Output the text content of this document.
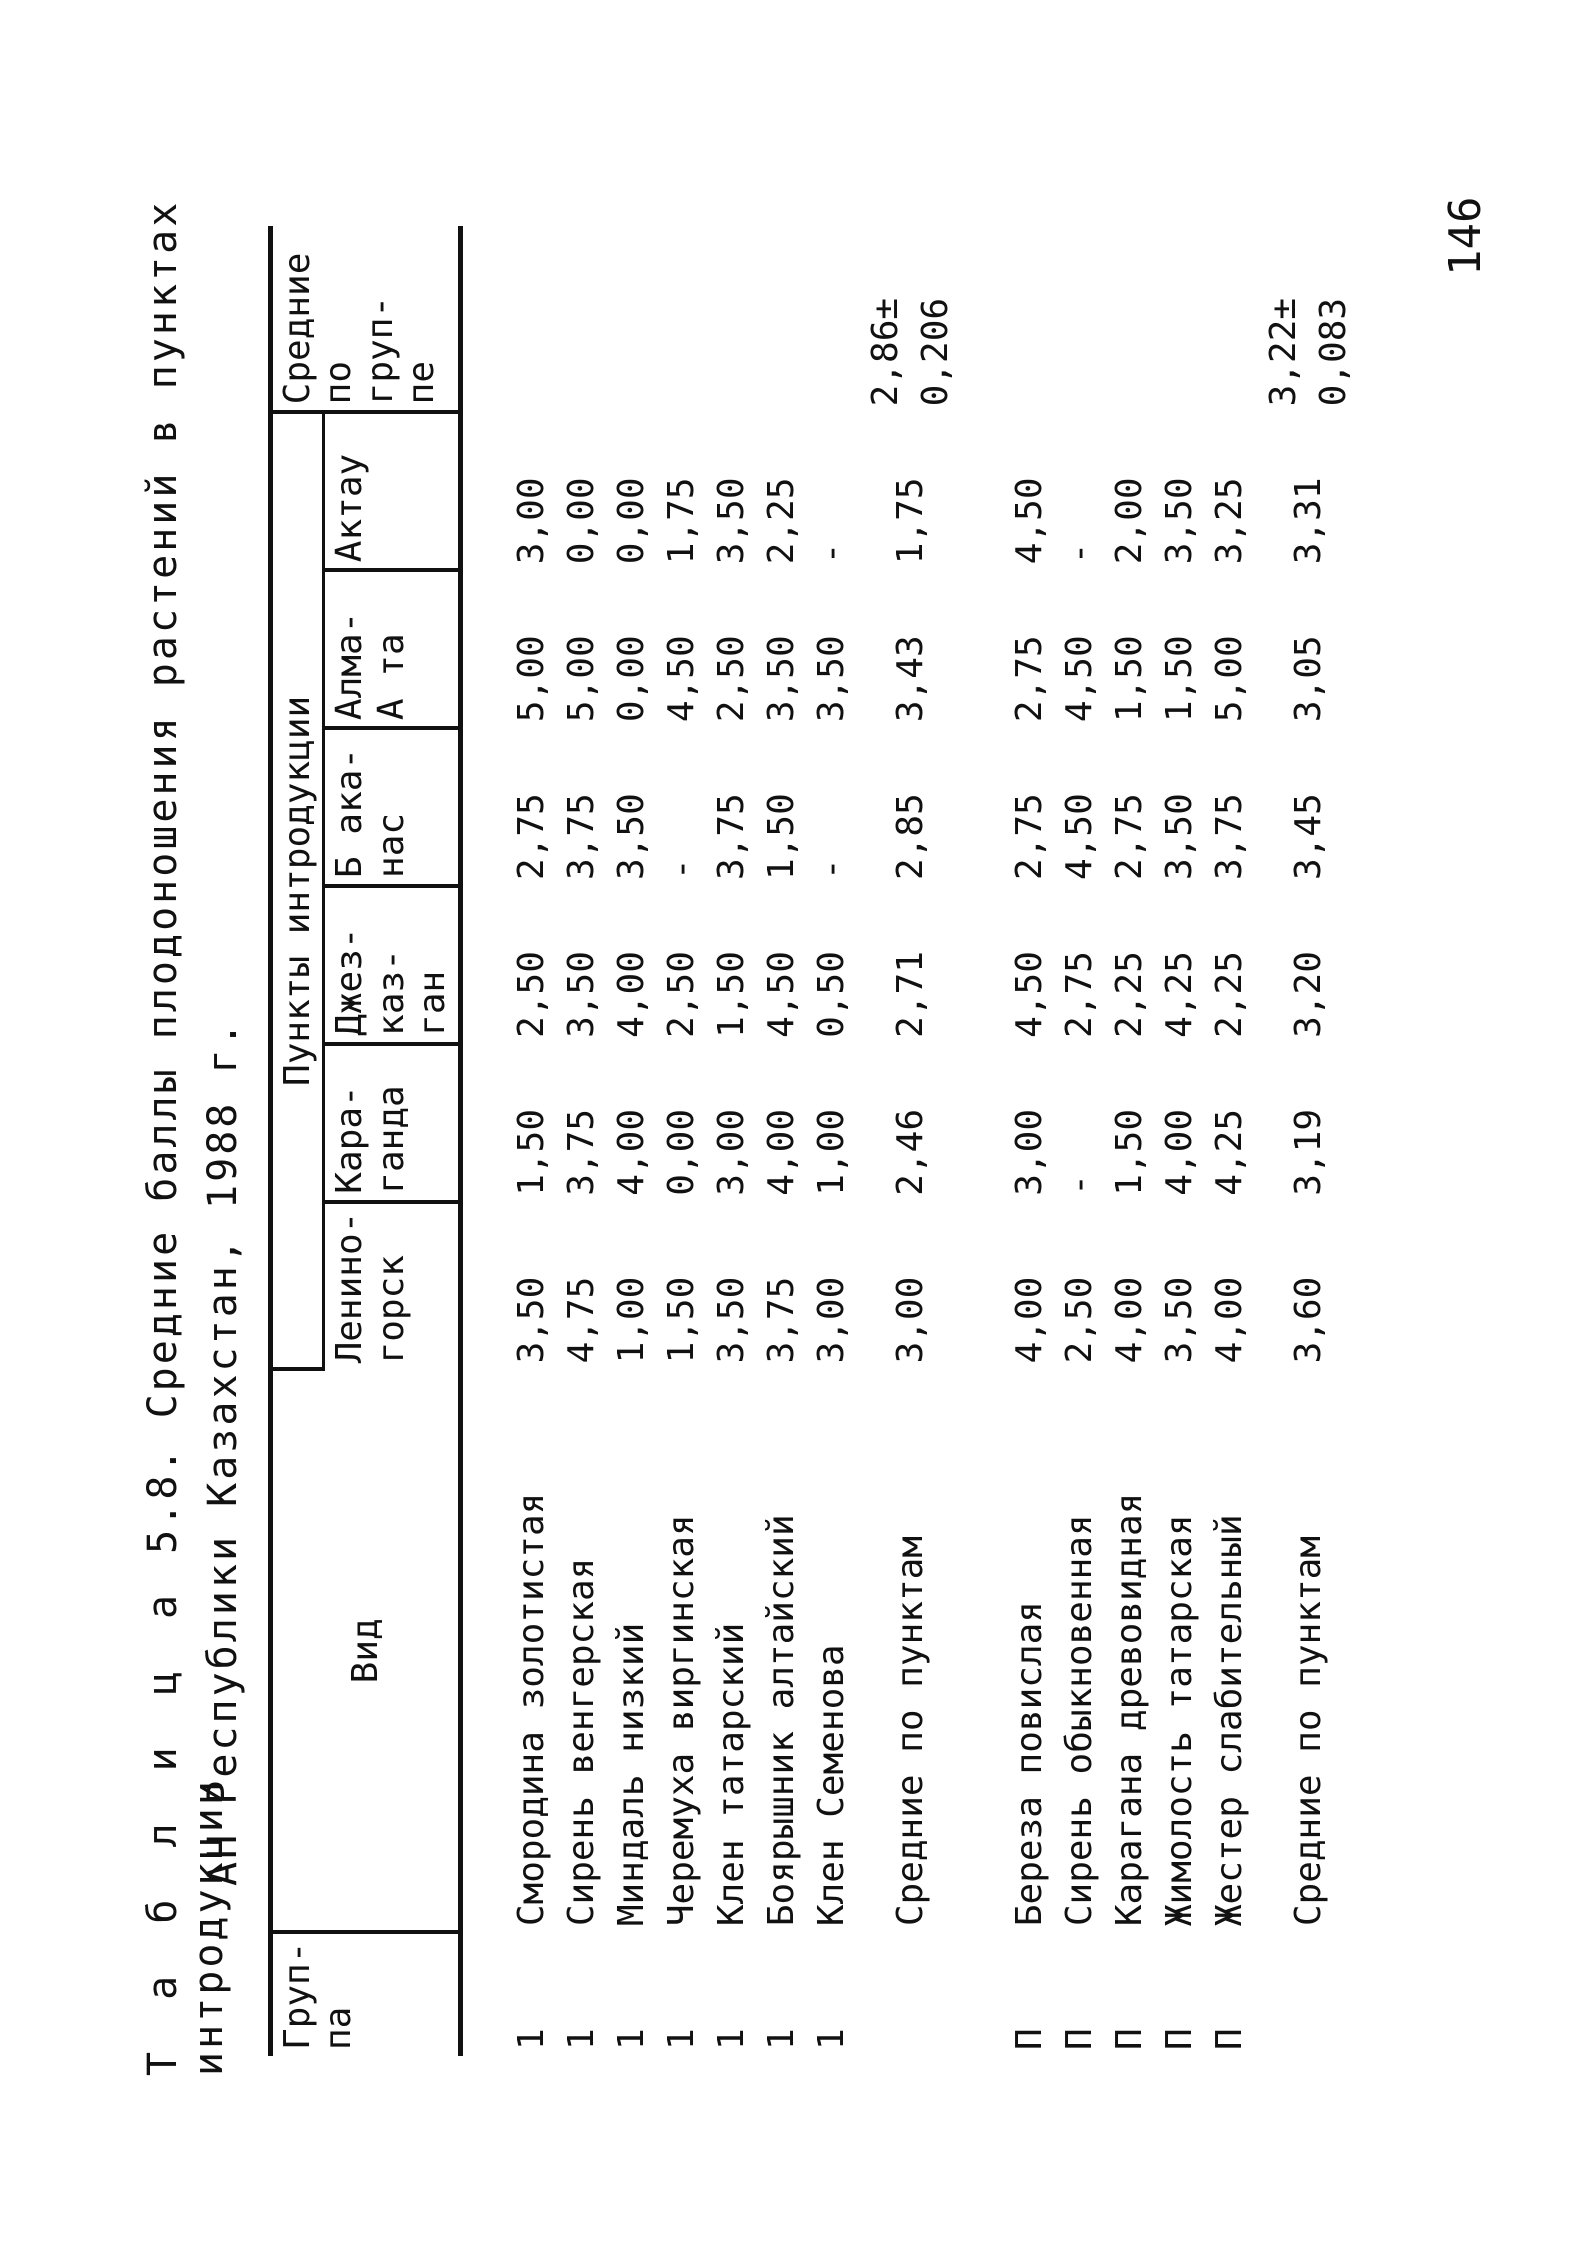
Т а б л и ц а 5.8. Средние баллы плодоношения растений в пунктах интродукции
АН Республики Казахстан, 1988 г.
Груп- па	Вид	Пункты интродукции						Средние по груп- пе
		Ленино- горск	Кара- ганда	Джез- каз- ган	Б ака- нас	Алма- А та	Актау	

1	Смородина золотистая	3,50	1,50	2,50	2,75	5,00	3,00	
1	Сирень венгерская	4,75	3,75	3,50	3,75	5,00	0,00	
1	Миндаль низкий	1,00	4,00	4,00	3,50	0,00	0,00	
1	Черемуха виргинская	1,50	0,00	2,50	-	4,50	1,75	
1	Клен татарский	3,50	3,00	1,50	3,75	2,50	3,50	
1	Боярышник алтайский	3,75	4,00	4,50	1,50	3,50	2,25	
1	Клен Семенова	3,00	1,00	0,50	-	3,50	-	
	Средние по пунктам	3,00	2,46	2,71	2,85	3,43	1,75	2,86± 0,206

П	Береза повислая	4,00	3,00	4,50	2,75	2,75	4,50	
П	Сирень обыкновенная	2,50	-	2,75	4,50	4,50	-	
П	Карагана древовидная	4,00	1,50	2,25	2,75	1,50	2,00	
П	Жимолость татарская	3,50	4,00	4,25	3,50	1,50	3,50	
П	Жестер слабительный	4,00	4,25	2,25	3,75	5,00	3,25	
	Средние по пунктам	3,60	3,19	3,20	3,45	3,05	3,31	3,22± 0,083
146
